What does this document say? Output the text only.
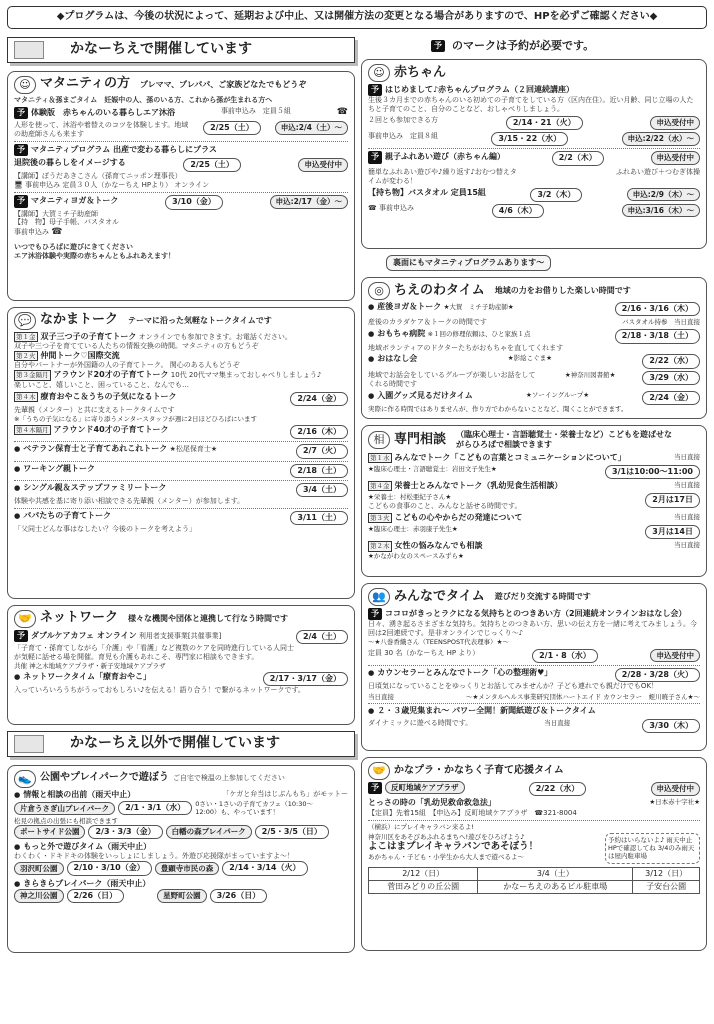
◆プログラムは、今後の状況によって、延期および中止、又は開催方法の変更となる場合がありますので、HPを必ずご確認ください◆
かなーちえで開催しています
☺ マタニティの方 プレママ、プレパパ、ご家族どなたでもどうぞ
マタニティ＆孫まごタイム　妊娠中の人、孫のいる方、これから孫が生まれる方へ
予 体験版　赤ちゃんのいる暮らしエア沐浴	事前申込み　定員５組	☎
人形を使って、沐浴や着替えのコツを体験します。地域の助産師さんも来ます
2/25（土）	申込:2/4（土）〜
予 マタニティプログラム 出産で変わる暮らしにプラス
退院後の暮らしをイメージする	2/25（土）	申込受付中
【講師】ぼうだあきこさん（孫育てニッポン理事長）
🖥 事前申込み 定員３０人（かなーちえ HPより） オンライン
予 マタニティヨガ＆トーク	3/10（金）	申込:2/17（金）〜
【講師】大賀ミチ子助産師
【持　物】母子手帳、バスタオル
事前申込み ☎
いつでもひろばに遊びにきてください
エア沐浴体験や実際の赤ちゃんともふれあえます！
💬 なかまトーク テーマに沿った気軽なトークタイムです
第１金 双子三つ子の子育てトーク オンラインでも参加できます。お電話ください。
双子や三つ子を育てている人たちの情報交換の時間。マタニティの方もどうぞ
第２火 仲間トーク♡国際交流
自分やパートナーが外国籍の人の子育てトーク。 関心のある人もどうぞ
第３金隔月 アラウンド20才の子育てトーク 10代 20代ママ集まっておしゃべりしましょう♪
楽しいこと、嬉しいこと、困っていること、なんでも…
第４木 療育おやこ＆うちの子気になるトーク	2/24（金）
先輩親（メンター）と共に支えるトークタイムです
※「うちの子気になる」に寄り添うメンタースタッフが週に2日ほどひろばにいます
第４木隔月 アラウンド40才の子育てトーク	2/16（木）
● ベテラン保育士と子育てあれこれトーク ★松尾保育士★	2/7（火）
● ワーキング親トーク	2/18（土）
● シングル親＆ステップファミリートーク	3/4（土）
体験や共感を基に寄り添い相談できる先輩親（メンター）が参加します。
● パパたちの子育てトーク	3/11（土）
「父同士どんな事はなしたい？今後のトークを考えよう」
🤝 ネットワーク 様々な機関や団体と連携して行なう時間です
予 ダブルケアカフェ オンライン 利用者支援事業[共催事業]	2/4（土）
「子育て・孫育てしながら「介護」や「看護」など複数のケアを同時進行している人同士が気軽に話せる場を開催。育児も介護もあれこそ、専門家に相談もできます。
共催 神之木地域ケアプラザ・新子安地域ケアプラザ
● ネットワークタイム「療育おやこ」	2/17・3/17（金）
入っていろいろうちがうっておもしろい♪を伝える！語り合う！で繋がるネットワークです。
かなーちえ以外で開催しています
👟 公園やプレイパークで遊ぼう ご自宅で検温の上参加してください
● 情報と相談の出前（雨天中止）	「ケガと弁当はじぶんもち」がモットー
片倉うさぎ山プレイパーク	2/1・3/1（水）	0さい・1さいの子育てカフェ（10:30〜12:00）も、やっています！
松見の拠点の出張にも相談できます
ポートサイド公園	2/3・3/3（金）	白幡の森プレイパーク	2/5・3/5（日）
● もっと外で遊びタイム（雨天中止）
わくわく・ドキドキの体験をいっしょにしましょう。外遊び応援隊がまっていますよ〜！
羽沢町公園	2/10・3/10（金）	豊顕寺市民の森	2/14・3/14（火）
● きらきらプレイパーク（雨天中止）
神之川公園	2/26（日）	星野町公園	3/26（日）
予 のマークは予約が必要です。
☺ 赤ちゃん
予 はじめまして♪赤ちゃんプログラム（２回連続講座）
生後３カ月までの赤ちゃんのいる初めての子育てをしている方（区内在住）。近い月齢、同じ立場の人たちと子育てのこと、自分のことなど、おしゃべりしましょう。
２回とも参加できる方	2/14・21（火）	申込受付中
事前申込み　定員８組	3/15・22（水）	申込:2/22（水）〜
予 親子ふれあい遊び（赤ちゃん編）	2/2（木）	申込受付中
簡単なふれあい遊びや♪繰り返す♪おむつ替えタイムが変わる！
ふれあい遊び＋つむぎ体操
【持ち物】バスタオル 定員15組	3/2（木）	申込:2/9（木）〜
☎ 事前申込み	4/6（木）	申込:3/16（木）〜
裏面にもマタニティプログラムあります〜
◎ ちえのわタイム 地域の力をお借りした楽しい時間です
● 産後ヨガ＆トーク ★大賀　ミチ子助産師★	2/16・3/16（木）
産後のカラダケア＆トークの時間です	バスタオル持参　当日直接
● おもちゃ病院 ※１回の修理依頼は、ひと家族１点	2/18・3/18（土）
地域ボランティアのドクターたちがおもちゃを直してくれます
● おはなし会	★影絵こぐま★	2/22（水）
地域でお話会をしているグループが楽しいお話をしてくれる時間です
★神奈川図書館★	3/29（水）
● 入園グッズ見るだけタイム	★ソーイングループ★	2/24（金）
実際に作る時間ではありませんが、作り方でわからないことなど、聞くことができます。
相 専門相談 （臨床心理士・言語聴覚士・栄養士など）こどもを遊ばせながらひろばで相談できます
第１水 みんなでトーク「こどもの言葉とコミュニケーションについて」	当日直接
★臨床心理士・言語聴覚士：岩田文子先生★	3/1は10:00〜11:00
第４金 栄養士とみんなでトーク（乳幼児食生活相談）	当日直接
★栄養士：村松亜紀子さん★
こどもの食事のこと、みんなと話せる時間です。
2月は17日
第３火 こどもの心やからだの発達について	当日直接
★臨床心理士：赤羽康子先生★	3月は14日
第２木 女性の悩みなんでも相談	当日直接
★かながわ女のスペースみずら★
👥 みんなでタイム 遊びだり交流する時間です
予 ココロがきっとラクになる気持ちとのつきあい方（2回連続オンラインおはなし会）
日々、湧き起るさまざまな気持ち。気持ちとのつきあい方、思いの伝え方を一緒に考えてみましょう。今回は2回連続です。是非オンラインでじっくり〜♪
〜★八巻香織さん（TEENSPOST代表理事）★〜
定員 30 名（かなーちえ HP より）	2/1・8（水）	申込受付中
● カウンセラーとみんなでトーク「心の整理術♥」	2/28・3/28（火）
日頃気になっていることをゆっくりとお話してみませんか？子ども連れでも親だけでもOK！
当日直接	〜★メンタルヘルス事業研究団体ハートエイド カウンセラー　蛭川暁子さん★〜
● ２・３歳児集まれ〜 パワー全開！新聞紙遊び＆トークタイム
ダイナミックに遊べる時間です。	当日直接	3/30（木）
🤝 かなプラ・かなちく子育て応援タイム
予 反町地域ケアプラザ	2/22（水）	申込受付中
とっさの時の「乳幼児救命救急法」	★日本赤十字社★
【定員】先着15組　【申込み】反町地域ケアプラザ　☎321-8004
（横浜）にプレイキャラバン来るよ!
神奈川区をあそびあふれるまちへ!遊びをひろげよう♪
よこはまプレイキャラバンであそぼう！
あかちゃん・子ども・小学生から大人まで遊べるよ〜
予約はいらないよ♪ 雨天中止 HPで確認してね 3/4のみ雨天は屋内駐車場
2/12（日）	3/4（土）	3/12（日）
菅田みどりの丘公園	かなーちえのあるビル駐車場	子安台公園
